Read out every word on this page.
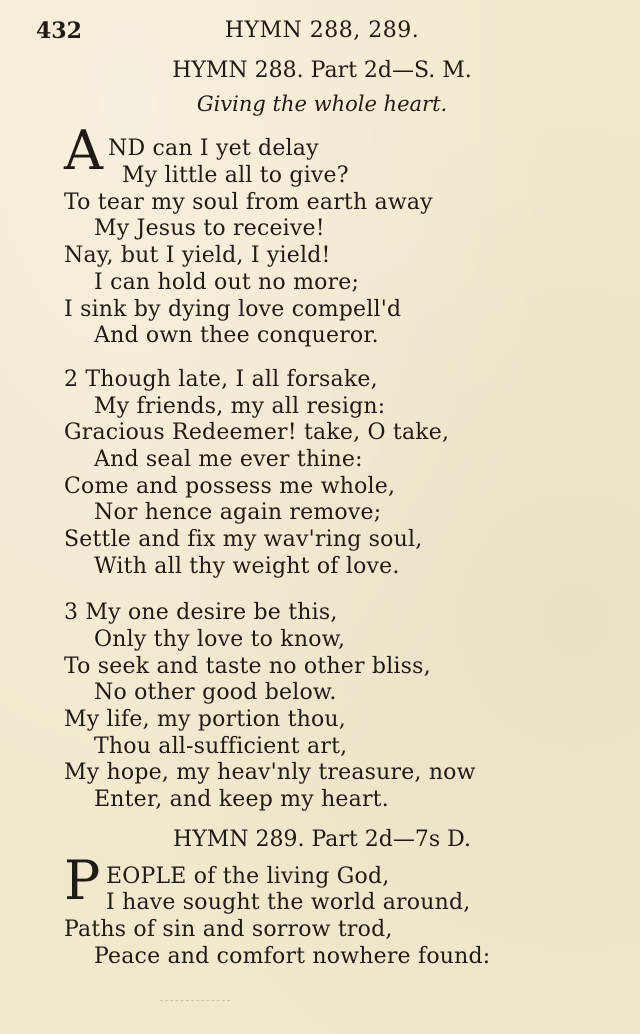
432	HYMN 288, 289.
HYMN 288. Part 2d—S. M.
Giving the whole heart.
A ND can I yet delay
My little all to give?
To tear my soul from earth away
My Jesus to receive!
Nay, but I yield, I yield!
I can hold out no more;
I sink by dying love compell'd
And own thee conqueror.
2 Though late, I all forsake,
My friends, my all resign:
Gracious Redeemer! take, O take,
And seal me ever thine:
Come and possess me whole,
Nor hence again remove;
Settle and fix my wav'ring soul,
With all thy weight of love.
3 My one desire be this,
Only thy love to know,
To seek and taste no other bliss,
No other good below.
My life, my portion thou,
Thou all-sufficient art,
My hope, my heav'nly treasure, now
Enter, and keep my heart.
HYMN 289. Part 2d—7s D.
P EOPLE of the living God,
I have sought the world around,
Paths of sin and sorrow trod,
Peace and comfort nowhere found:
